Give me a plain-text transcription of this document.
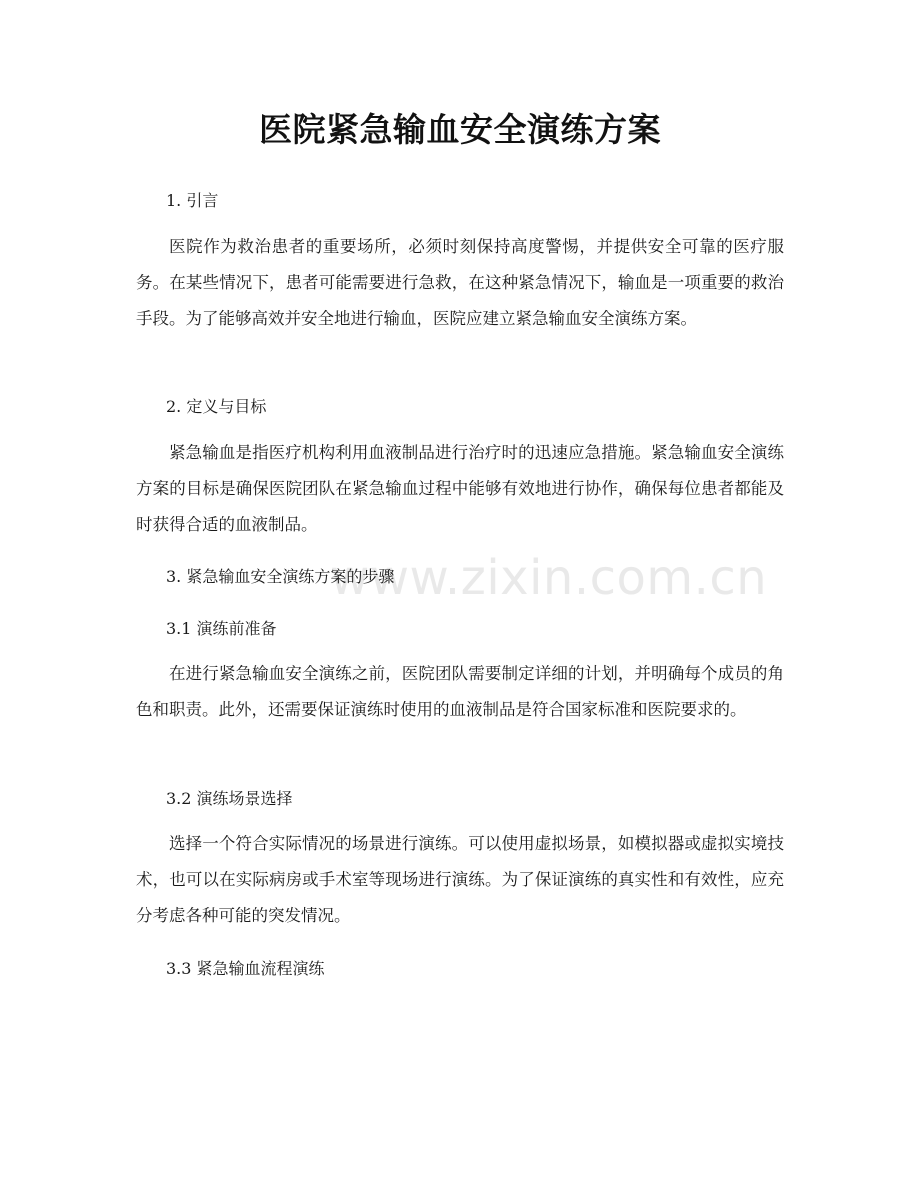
www.zixin.com.cn
医院紧急输血安全演练方案
1. 引言

医院作为救治患者的重要场所，必须时刻保持高度警惕，并提供安全可靠的医疗服务。在某些情况下，患者可能需要进行急救，在这种紧急情况下，输血是一项重要的救治手段。为了能够高效并安全地进行输血，医院应建立紧急输血安全演练方案。

2. 定义与目标

紧急输血是指医疗机构利用血液制品进行治疗时的迅速应急措施。紧急输血安全演练方案的目标是确保医院团队在紧急输血过程中能够有效地进行协作，确保每位患者都能及时获得合适的血液制品。

3. 紧急输血安全演练方案的步骤
3.1 演练前准备

在进行紧急输血安全演练之前，医院团队需要制定详细的计划，并明确每个成员的角色和职责。此外，还需要保证演练时使用的血液制品是符合国家标准和医院要求的。

3.2 演练场景选择

选择一个符合实际情况的场景进行演练。可以使用虚拟场景，如模拟器或虚拟实境技术，也可以在实际病房或手术室等现场进行演练。为了保证演练的真实性和有效性，应充分考虑各种可能的突发情况。

3.3 紧急输血流程演练
